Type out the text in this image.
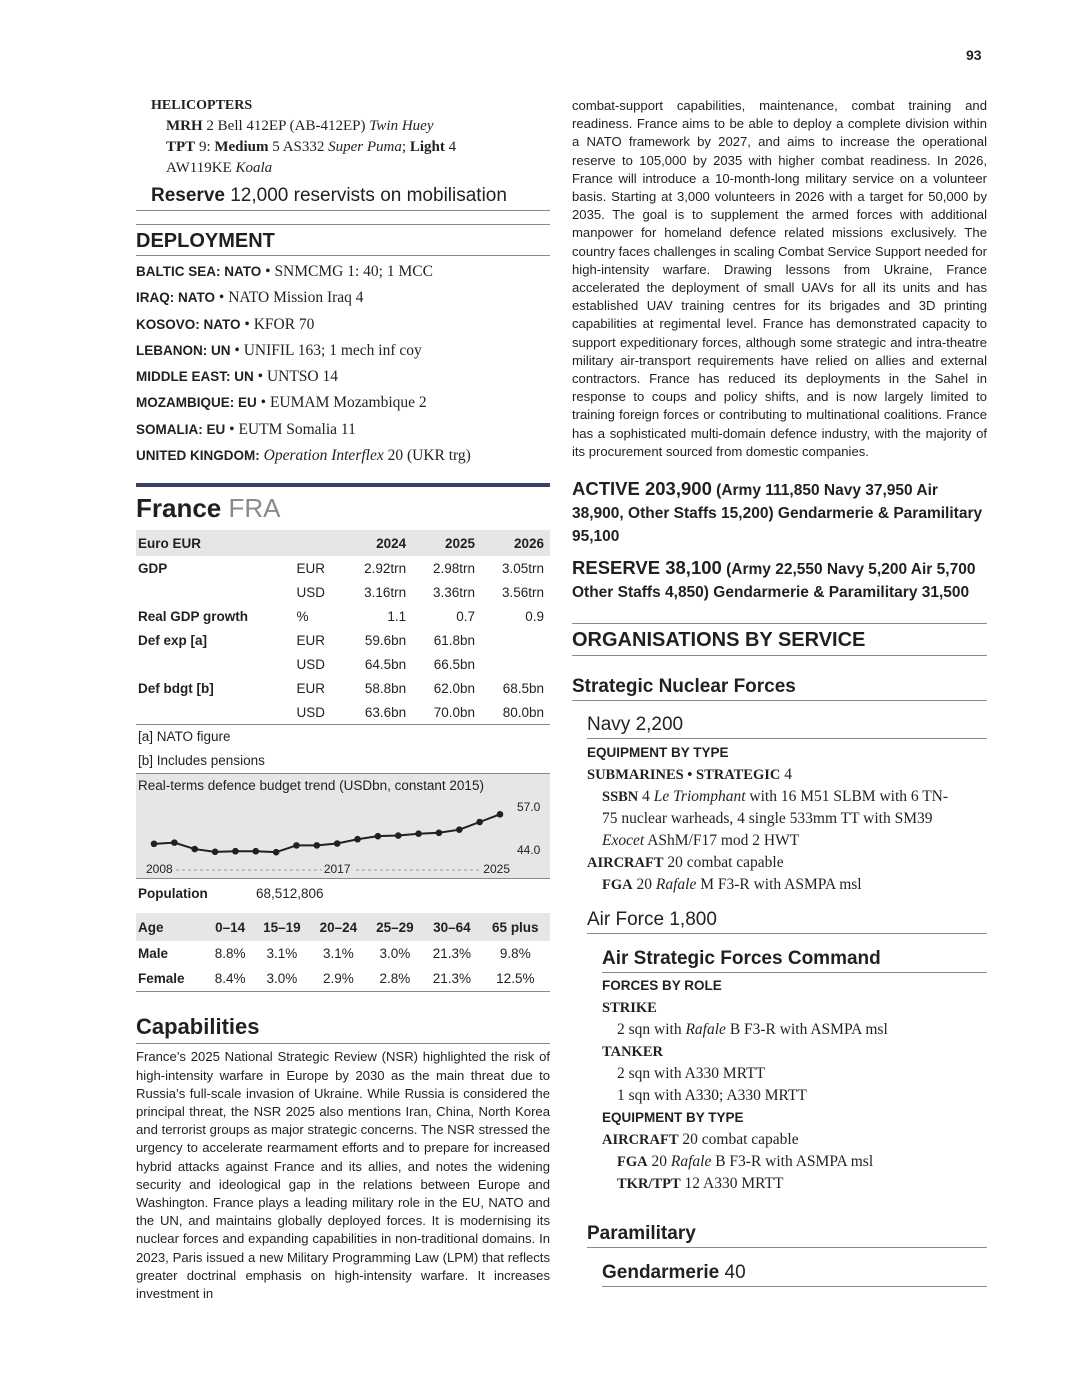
93
HELICOPTERS
MRH 2 Bell 412EP (AB-412EP) Twin Huey
TPT 9: Medium 5 AS332 Super Puma; Light 4
AW119KE Koala
Reserve 12,000 reservists on mobilisation
DEPLOYMENT
BALTIC SEA: NATO • SNMCMG 1: 40; 1 MCC
IRAQ: NATO • NATO Mission Iraq 4
KOSOVO: NATO • KFOR 70
LEBANON: UN • UNIFIL 163; 1 mech inf coy
MIDDLE EAST: UN • UNTSO 14
MOZAMBIQUE: EU • EUMAM Mozambique 2
SOMALIA: EU • EUTM Somalia 11
UNITED KINGDOM: Operation Interflex 20 (UKR trg)
France FRA
Euro EUR		2024	2025	2026
GDP	EUR	2.92trn	2.98trn	3.05trn
	USD	3.16trn	3.36trn	3.56trn
Real GDP growth	%	1.1	0.7	0.9
Def exp [a]	EUR	59.6bn	61.8bn	
	USD	64.5bn	66.5bn	
Def bdgt [b]	EUR	58.8bn	62.0bn	68.5bn
	USD	63.6bn	70.0bn	80.0bn
[a] NATO figure
[b] Includes pensions
Real-terms defence budget trend (USDbn, constant 2015)
2008	2017	2025
57.0
44.0
Population	68,512,806
Age	0–14	15–19	20–24	25–29	30–64	65 plus
Male	8.8%	3.1%	3.1%	3.0%	21.3%	9.8%
Female	8.4%	3.0%	2.9%	2.8%	21.3%	12.5%
Capabilities
France’s 2025 National Strategic Review (NSR) highlighted the risk of high-intensity warfare in Europe by 2030 as the main threat due to Russia’s full-scale invasion of Ukraine. While Russia is considered the principal threat, the NSR 2025 also mentions Iran, China, North Korea and terrorist groups as major strategic concerns. The NSR stressed the urgency to accelerate rearmament efforts and to prepare for increased hybrid attacks against France and its allies, and notes the widening security and ideological gap in the relations between Europe and Washington. France plays a leading military role in the EU, NATO and the UN, and maintains globally deployed forces. It is modernising its nuclear forces and expanding capabilities in non-traditional domains. In 2023, Paris issued a new Military Programming Law (LPM) that reflects greater doctrinal emphasis on high-intensity warfare. It increases investment in
combat-support capabilities, maintenance, combat training and readiness. France aims to be able to deploy a complete division within a NATO framework by 2027, and aims to increase the operational reserve to 105,000 by 2035 with higher combat readiness. In 2026, France will introduce a 10-month-long military service on a volunteer basis. Starting at 3,000 volunteers in 2026 with a target for 50,000 by 2035. The goal is to supplement the armed forces with additional manpower for homeland defence related missions exclusively. The country faces challenges in scaling Combat Service Support needed for high-intensity warfare. Drawing lessons from Ukraine, France accelerated the deployment of small UAVs for all its units and has established UAV training centres for its brigades and 3D printing capabilities at regimental level. France has demonstrated capacity to support expeditionary forces, although some strategic and intra-theatre military air-transport requirements have relied on allies and external contractors. France has reduced its deployments in the Sahel in response to coups and policy shifts, and is now largely limited to training foreign forces or contributing to multinational coalitions. France has a sophisticated multi-domain defence industry, with the majority of its procurement sourced from domestic companies.
ACTIVE 203,900 (Army 111,850 Navy 37,950 Air 38,900, Other Staffs 15,200) Gendarmerie & Paramilitary 95,100
RESERVE 38,100 (Army 22,550 Navy 5,200 Air 5,700 Other Staffs 4,850) Gendarmerie & Paramilitary 31,500
ORGANISATIONS BY SERVICE
Strategic Nuclear Forces
Navy 2,200
EQUIPMENT BY TYPE
SUBMARINES • STRATEGIC 4
SSBN 4 Le Triomphant with 16 M51 SLBM with 6 TN-
75 nuclear warheads, 4 single 533mm TT with SM39
Exocet AShM/F17 mod 2 HWT
AIRCRAFT 20 combat capable
FGA 20 Rafale M F3-R with ASMPA msl
Air Force 1,800
Air Strategic Forces Command
FORCES BY ROLE
STRIKE
2 sqn with Rafale B F3-R with ASMPA msl
TANKER
2 sqn with A330 MRTT
1 sqn with A330; A330 MRTT
EQUIPMENT BY TYPE
AIRCRAFT 20 combat capable
FGA 20 Rafale B F3-R with ASMPA msl
TKR/TPT 12 A330 MRTT
Paramilitary
Gendarmerie 40
